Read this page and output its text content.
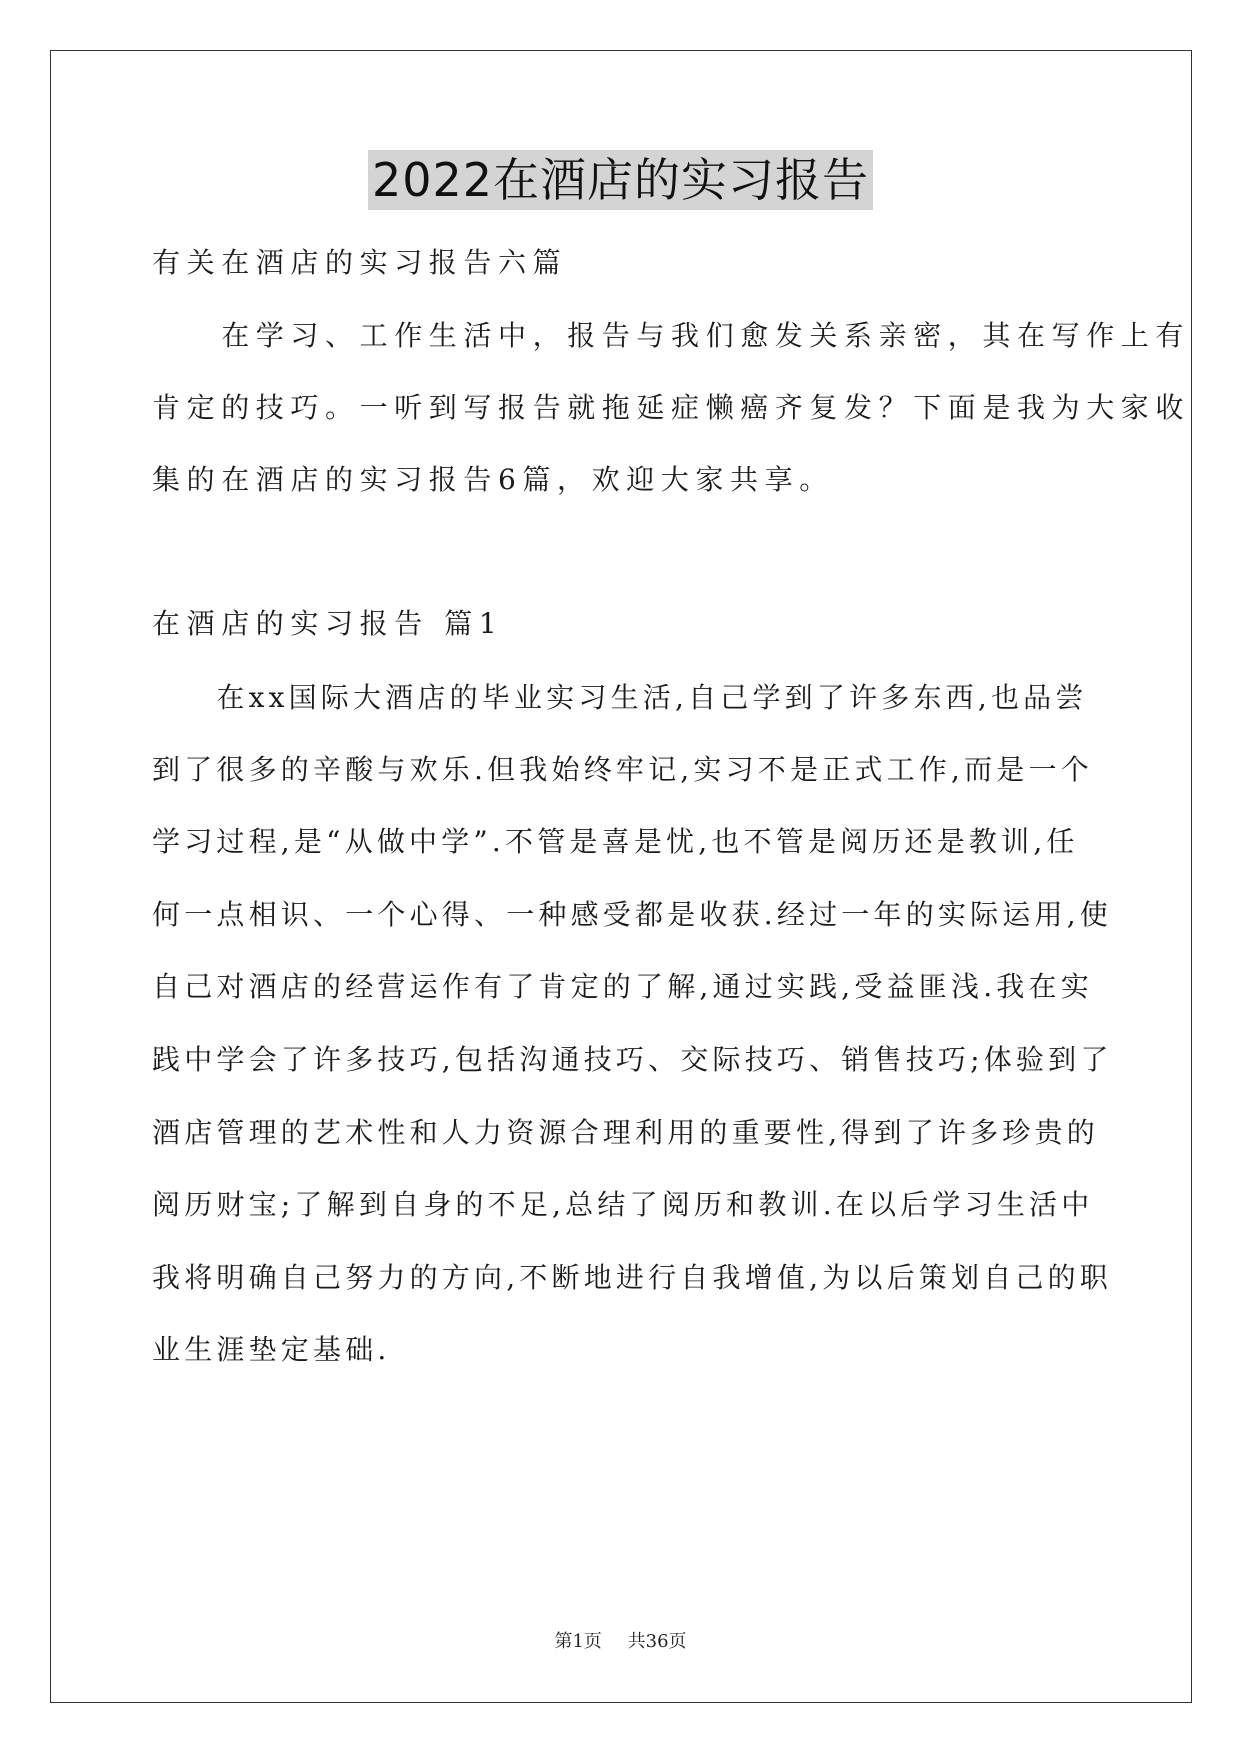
2022在酒店的实习报告
有关在酒店的实习报告六篇
　　在学习、工作生活中，报告与我们愈发关系亲密，其在写作上有
肯定的技巧。一听到写报告就拖延症懒癌齐复发？下面是我为大家收
集的在酒店的实习报告6篇，欢迎大家共享。
在酒店的实习报告 篇1
　　在xx国际大酒店的毕业实习生活,自己学到了许多东西,也品尝
到了很多的辛酸与欢乐.但我始终牢记,实习不是正式工作,而是一个
学习过程,是“从做中学”.不管是喜是忧,也不管是阅历还是教训,任
何一点相识、一个心得、一种感受都是收获.经过一年的实际运用,使
自己对酒店的经营运作有了肯定的了解,通过实践,受益匪浅.我在实
践中学会了许多技巧,包括沟通技巧、交际技巧、销售技巧;体验到了
酒店管理的艺术性和人力资源合理利用的重要性,得到了许多珍贵的
阅历财宝;了解到自身的不足,总结了阅历和教训.在以后学习生活中
我将明确自己努力的方向,不断地进行自我增值,为以后策划自己的职
业生涯垫定基础.
第1页 共36页
